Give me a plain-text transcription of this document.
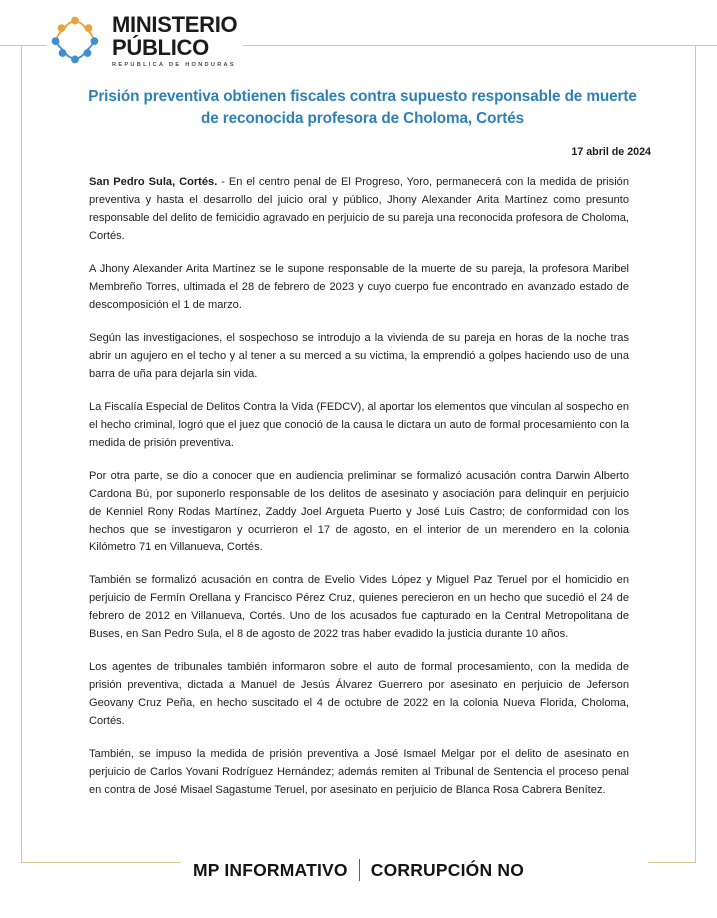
MINISTERIO
PÚBLICO
REPUBLICA DE HONDURAS
Prisión preventiva obtienen fiscales contra supuesto responsable de muerte de reconocida profesora de Choloma, Cortés
17 abril de 2024

San Pedro Sula, Cortés. - En el centro penal de El Progreso, Yoro, permanecerá con la medida de prisión preventiva y hasta el desarrollo del juicio oral y público, Jhony Alexander Arita Martínez como presunto responsable del delito de femicidio agravado en perjuicio de su pareja una reconocida profesora de Choloma, Cortés.

A Jhony Alexander Arita Martínez se le supone responsable de la muerte de su pareja, la profesora Maribel Membreño Torres, ultimada el 28 de febrero de 2023 y cuyo cuerpo fue encontrado en avanzado estado de descomposición el 1 de marzo.

Según las investigaciones, el sospechoso se introdujo a la vivienda de su pareja en horas de la noche tras abrir un agujero en el techo y al tener a su merced a su victima, la emprendió a golpes haciendo uso de una barra de uña para dejarla sin vida.

La Fiscalía Especial de Delitos Contra la Vida (FEDCV), al aportar los elementos que vinculan al sospecho en el hecho criminal, logró que el juez que conoció de la causa le dictara un auto de formal procesamiento con la medida de prisión preventiva.

Por otra parte, se dio a conocer que en audiencia preliminar se formalizó acusación contra Darwin Alberto Cardona Bú, por suponerlo responsable de los delitos de asesinato y asociación para delinquir en perjuicio de Kenniel Rony Rodas Martínez, Zaddy Joel Argueta Puerto y José Luis Castro; de conformidad con los hechos que se investigaron y ocurrieron el 17 de agosto, en el interior de un merendero en la colonia Kilómetro 71 en Villanueva, Cortés.

También se formalizó acusación en contra de Evelio Vides López y Miguel Paz Teruel por el homicidio en perjuicio de Fermín Orellana y Francisco Pérez Cruz, quienes perecieron en un hecho que sucedió el 24 de febrero de 2012 en Villanueva, Cortés. Uno de los acusados fue capturado en la Central Metropolitana de Buses, en San Pedro Sula, el 8 de agosto de 2022 tras haber evadido la justicia durante 10 años.

Los agentes de tribunales también informaron sobre el auto de formal procesamiento, con la medida de prisión preventiva, dictada a Manuel de Jesús Álvarez Guerrero por asesinato en perjuicio de Jeferson Geovany Cruz Peña, en hecho suscitado el 4 de octubre de 2022 en la colonia Nueva Florida, Choloma, Cortés.

También, se impuso la medida de prisión preventiva a José Ismael Melgar por el delito de asesinato en perjuicio de Carlos Yovani Rodríguez Hernández; además remiten al Tribunal de Sentencia el proceso penal en contra de José Misael Sagastume Teruel, por asesinato en perjuicio de Blanca Rosa Cabrera Benítez.

MP INFORMATIVO CORRUPCIÓN NO
